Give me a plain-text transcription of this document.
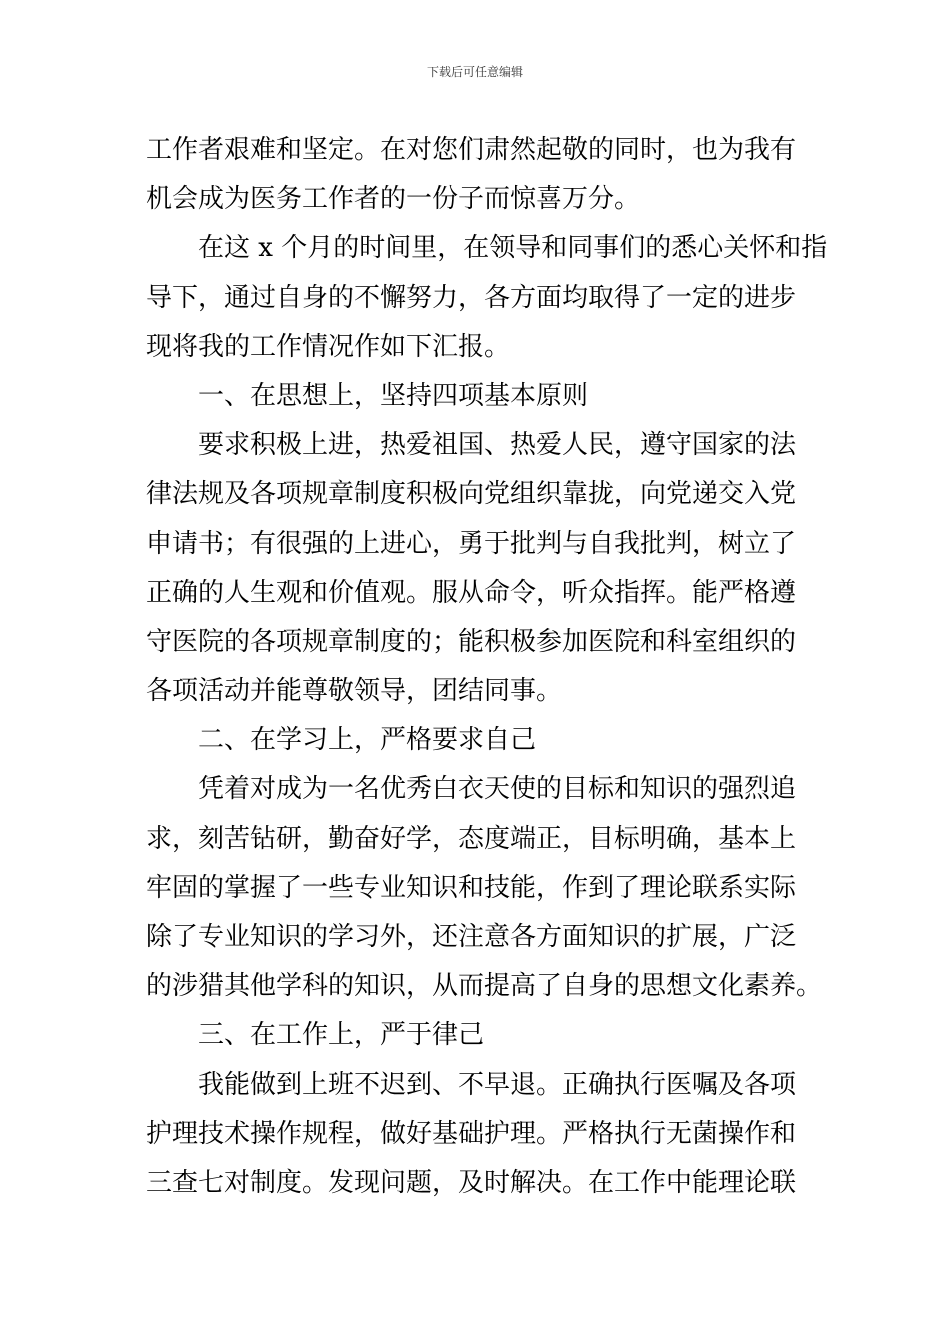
下载后可任意编辑
工作者艰难和坚定。在对您们肃然起敬的同时，也为我有
机会成为医务工作者的一份子而惊喜万分。
在这 x 个月的时间里，在领导和同事们的悉心关怀和指
导下，通过自身的不懈努力，各方面均取得了一定的进步
现将我的工作情况作如下汇报。
一、在思想上，坚持四项基本原则
要求积极上进，热爱祖国、热爱人民，遵守国家的法
律法规及各项规章制度积极向党组织靠拢，向党递交入党
申请书；有很强的上进心，勇于批判与自我批判，树立了
正确的人生观和价值观。服从命令，听众指挥。能严格遵
守医院的各项规章制度的；能积极参加医院和科室组织的
各项活动并能尊敬领导，团结同事。
二、在学习上，严格要求自己
凭着对成为一名优秀白衣天使的目标和知识的强烈追
求，刻苦钻研，勤奋好学，态度端正，目标明确，基本上
牢固的掌握了一些专业知识和技能，作到了理论联系实际
除了专业知识的学习外，还注意各方面知识的扩展，广泛
的涉猎其他学科的知识，从而提高了自身的思想文化素养。
三、在工作上，严于律己
我能做到上班不迟到、不早退。正确执行医嘱及各项
护理技术操作规程，做好基础护理。严格执行无菌操作和
三查七对制度。发现问题，及时解决。在工作中能理论联
